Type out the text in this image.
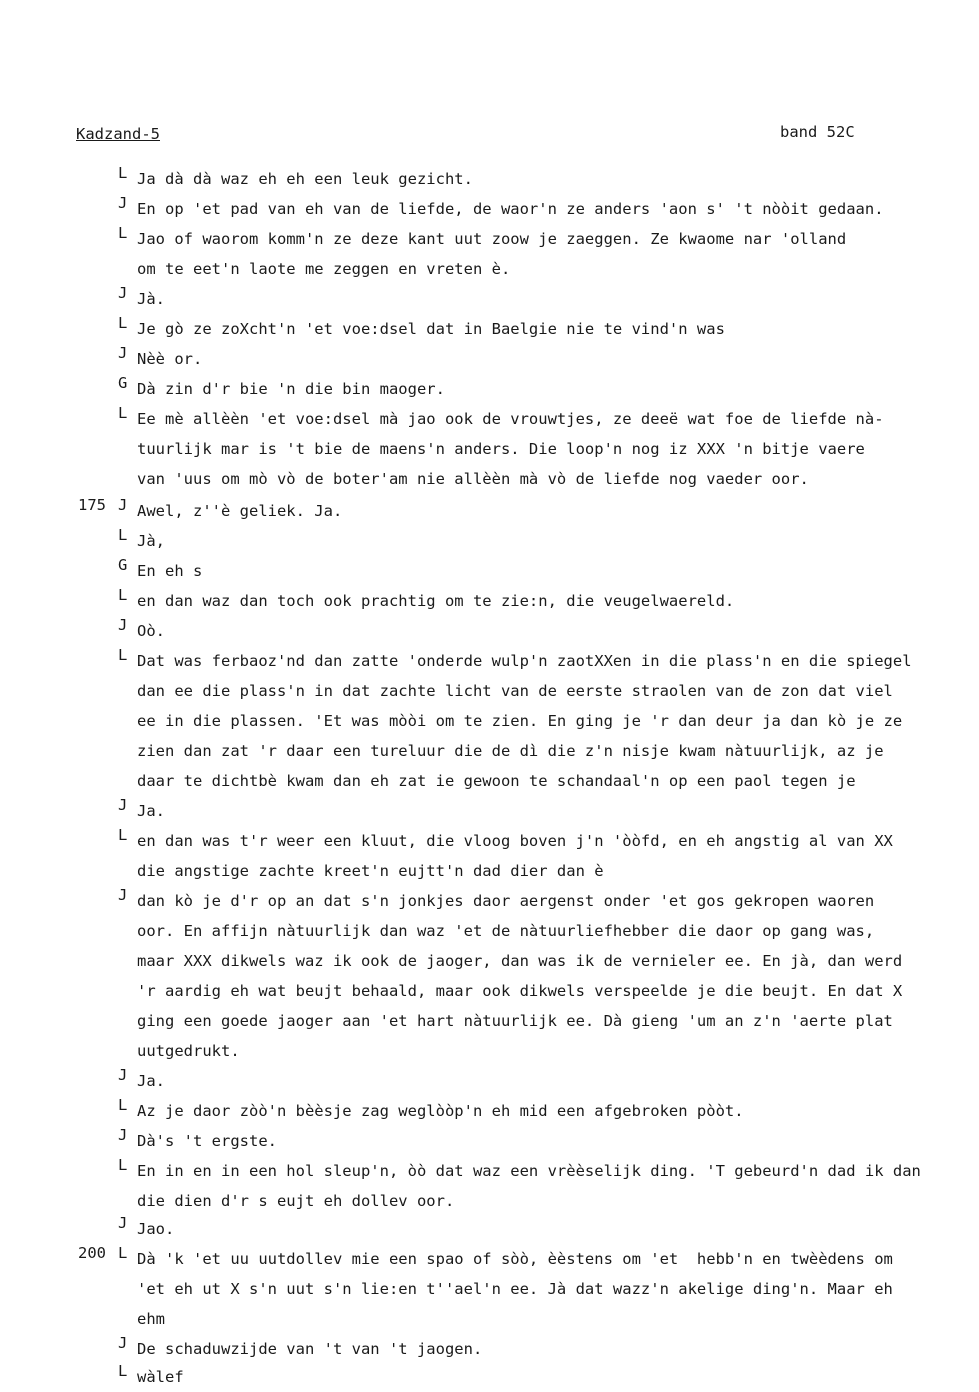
Kadzand-5	band 52C
L Ja dà dà waz eh eh een leuk gezicht.
J En op 'et pad van eh van de liefde, de waor'n ze anders 'aon s' 't nòòit gedaan.
L Jao of waorom komm'n ze deze kant uut zoow je zaeggen. Ze kwaome nar 'olland
om te eet'n laote me zeggen en vreten è.
J Jà.
L Je gò ze zoXcht'n 'et voe:dsel dat in Baelgie nie te vind'n was
J Nèè or.
G Dà zin d'r bie 'n die bin maoger.
L Ee mè allèèn 'et voe:dsel mà jao ook de vrouwtjes, ze deeë wat foe de liefde nà-
tuurlijk mar is 't bie de maens'n anders. Die loop'n nog iz XXX 'n bitje vaere
van 'uus om mò vò de boter'am nie allèèn mà vò de liefde nog vaeder oor.
175 J Awel, z''è geliek. Ja.
L Jà,
G En eh s
L en dan waz dan toch ook prachtig om te zie:n, die veugelwaereld.
J Oò.
L Dat was ferbaoz'nd dan zatte 'onderde wulp'n zaotXXen in die plass'n en die spiegel
dan ee die plass'n in dat zachte licht van de eerste straolen van de zon dat viel
ee in die plassen. 'Et was mòòi om te zien. En ging je 'r dan deur ja dan kò je ze
zien dan zat 'r daar een tureluur die de dì die z'n nisje kwam nàtuurlijk, az je
daar te dichtbè kwam dan eh zat ie gewoon te schandaal'n op een paol tegen je
J Ja.
L en dan was t'r weer een kluut, die vloog boven j'n 'òòfd, en eh angstig al van XX
die angstige zachte kreet'n eujtt'n dad dier dan è
J dan kò je d'r op an dat s'n jonkjes daor aergenst onder 'et gos gekropen waoren
oor. En affijn nàtuurlijk dan waz 'et de nàtuurliefhebber die daor op gang was,
maar XXX dikwels waz ik ook de jaoger, dan was ik de vernieler ee. En jà, dan werd
'r aardig eh wat beujt behaald, maar ook dikwels verspeelde je die beujt. En dat X
ging een goede jaoger aan 'et hart nàtuurlijk ee. Dà gieng 'um an z'n 'aerte plat
uutgedrukt.
J Ja.
L Az je daor zòò'n bèèsje zag weglòòp'n eh mid een afgebroken pòòt.
J Dà's 't ergste.
L En in en in een hol sleup'n, òò dat waz een vrèèselijk ding. 'T gebeurd'n dad ik dan
die dien d'r s eujt eh dollev oor.
J Jao.
200 L Dà 'k 'et uu uutdollev mie een spao of sòò, èèstens om 'et  hebb'n en twèèdens om
'et eh ut X s'n uut s'n lie:en t''ael'n ee. Jà dat wazz'n akelige ding'n. Maar eh
ehm
J De schaduwzijde van 't van 't jaogen.
L wàlef
